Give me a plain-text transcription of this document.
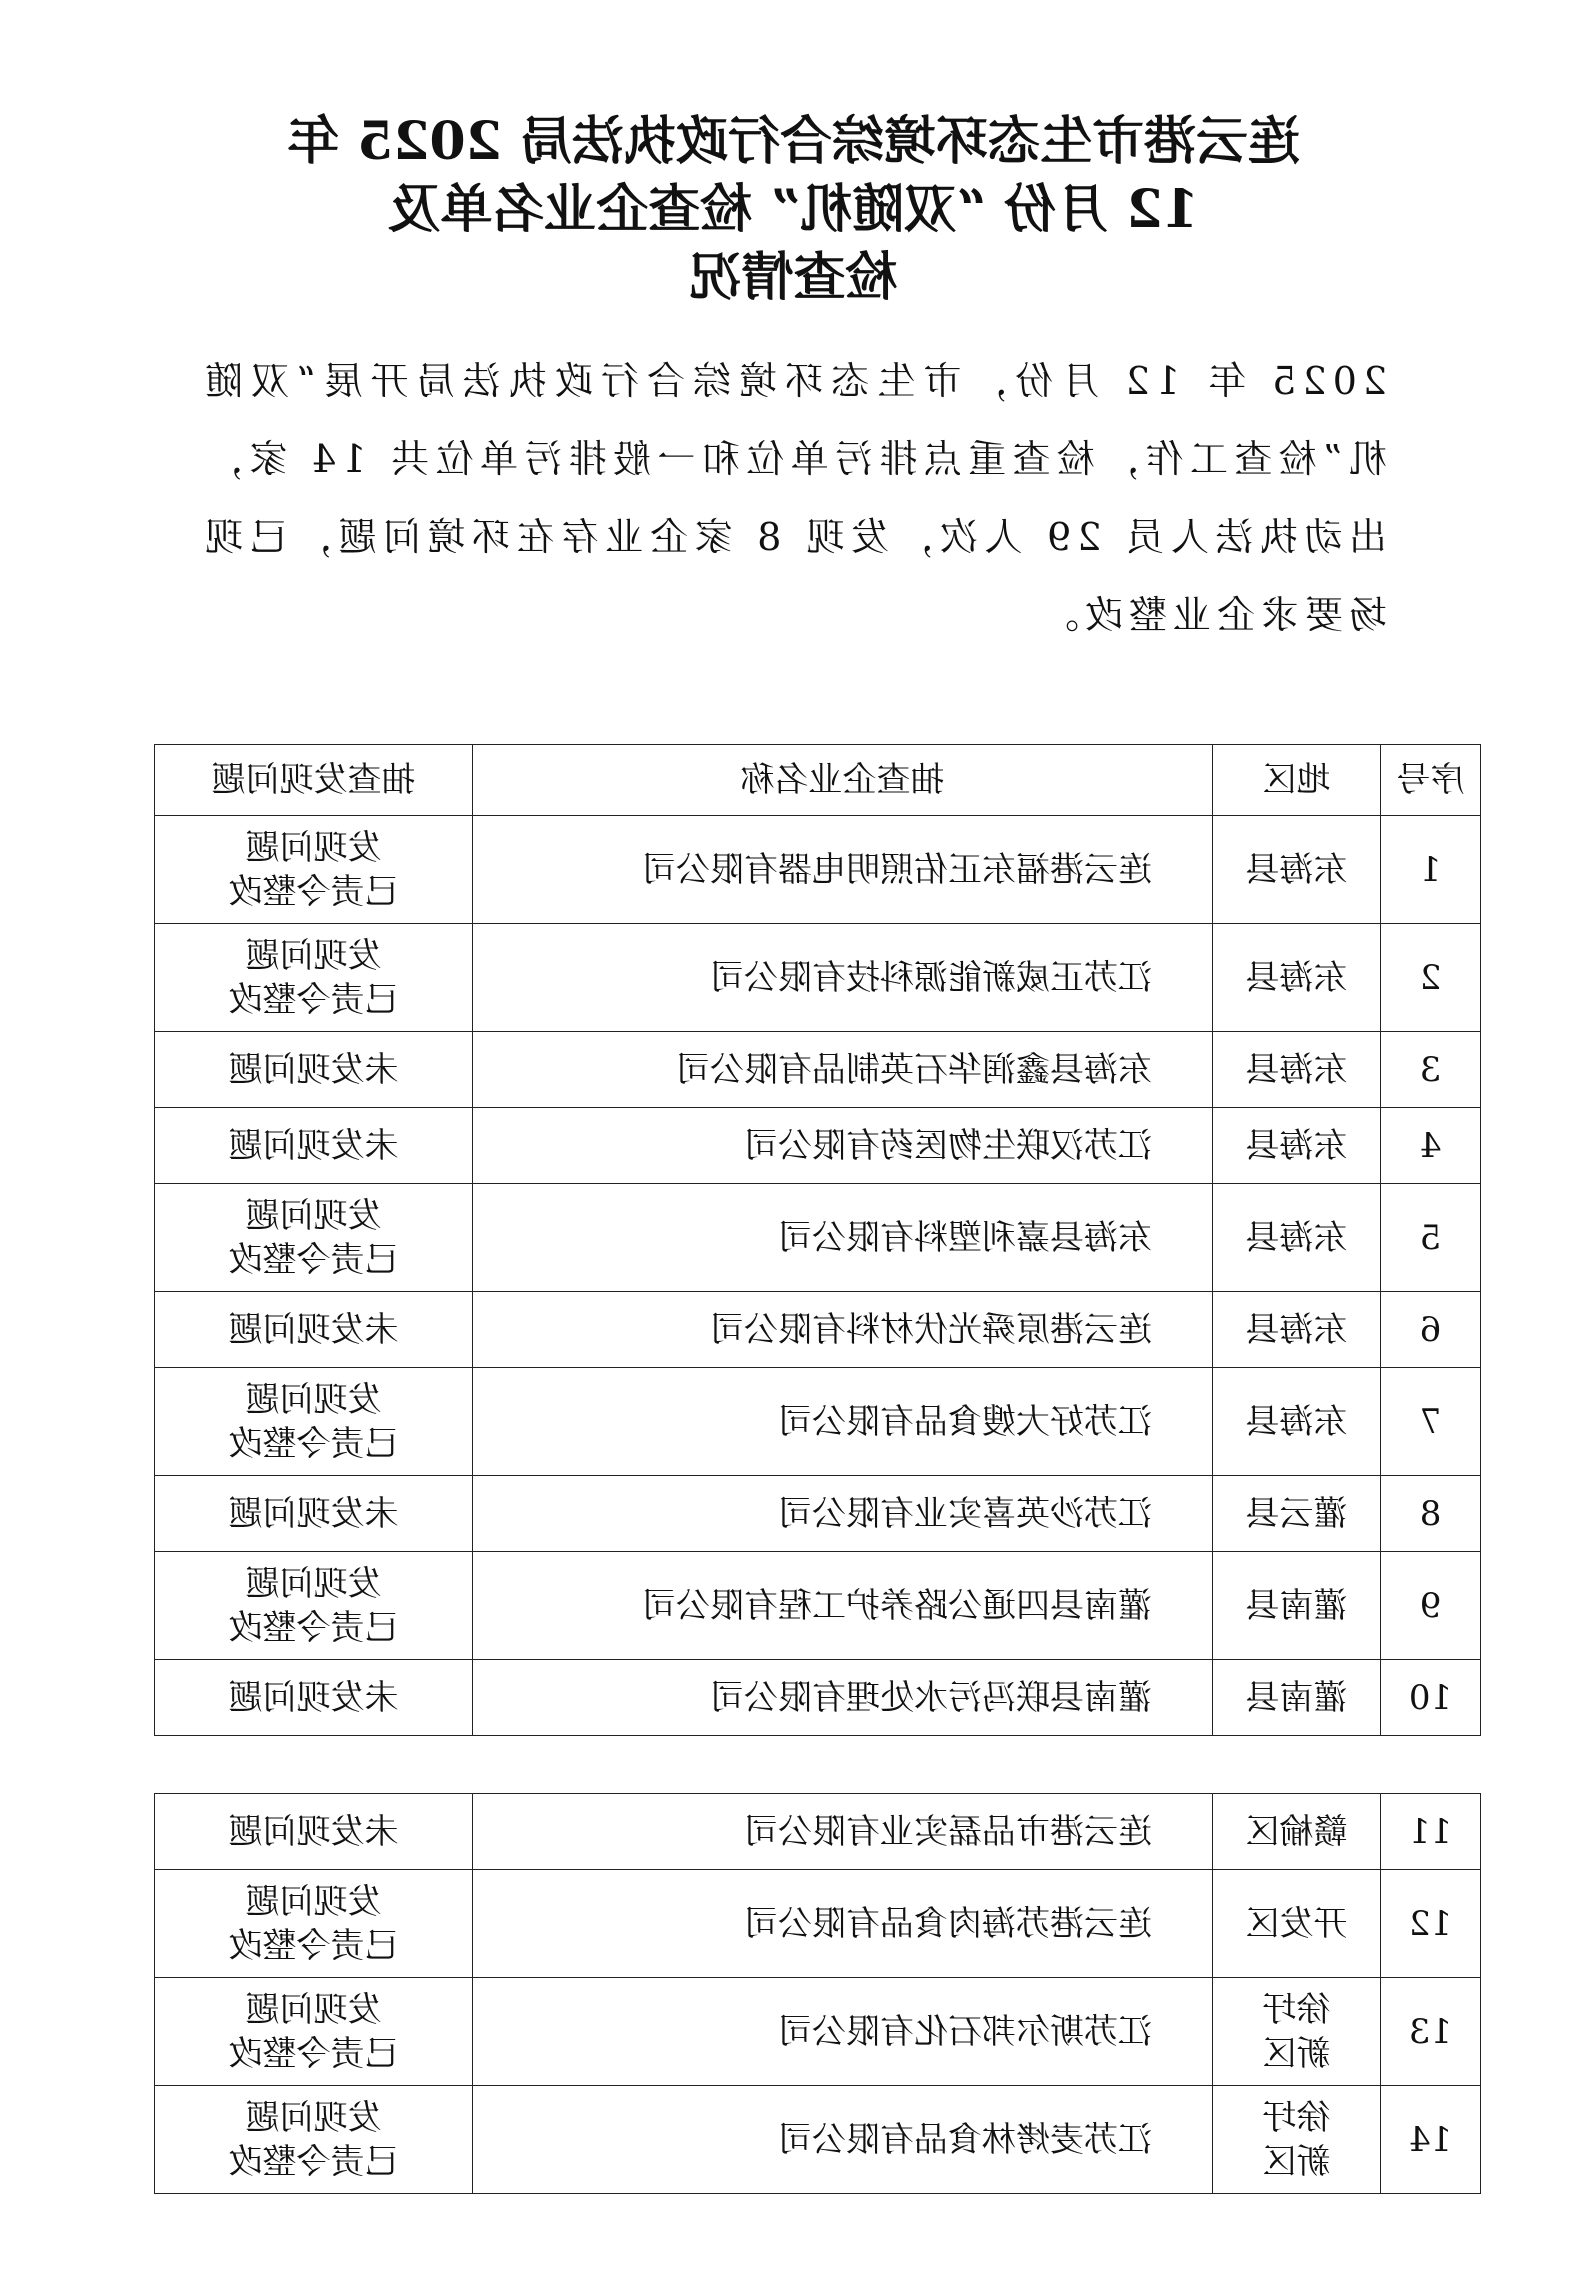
连云港市生态环境综合行政执法局 2025 年
12 月份 “双随机” 检查企业名单及
检查情况
2025 年 12 月份，市生态环境综合行政执法局开展“双随机”检查工作，检查重点排污单位和一般排污单位共 14 家，出动执法人员 29 人次，发现 8 家企业存在环境问题，已现场要求企业整改。
序号	地区	抽查企业名称	抽查发现问题
1	东海县	连云港福东正佑照明电器有限公司	发现问题
已责令整改

2	东海县	江苏正威新能源科技有限公司	发现问题
已责令整改

3	东海县	东海县鑫润华石英制品有限公司	未发现问题

4	东海县	江苏汉联生物医药有限公司	未发现问题

5	东海县	东海县嘉利塑料有限公司	发现问题
已责令整改

6	东海县	连云港原舜光伏材料有限公司	未发现问题

7	东海县	江苏好大嫂食品有限公司	发现问题
已责令整改

8	灌云县	江苏沙英喜实业有限公司	未发现问题

9	灌南县	灌南县四通公路养护工程有限公司	发现问题
已责令整改

10	灌南县	灌南县联冯污水处理有限公司	未发现问题
11	赣榆区	连云港市品磊实业有限公司	未发现问题

12	开发区	连云港苏海肉食品有限公司	发现问题
已责令整改

13	徐圩新区	江苏斯尔邦石化有限公司	发现问题
已责令整改

14	徐圩新区	江苏麦烤林食品有限公司	发现问题
已责令整改
